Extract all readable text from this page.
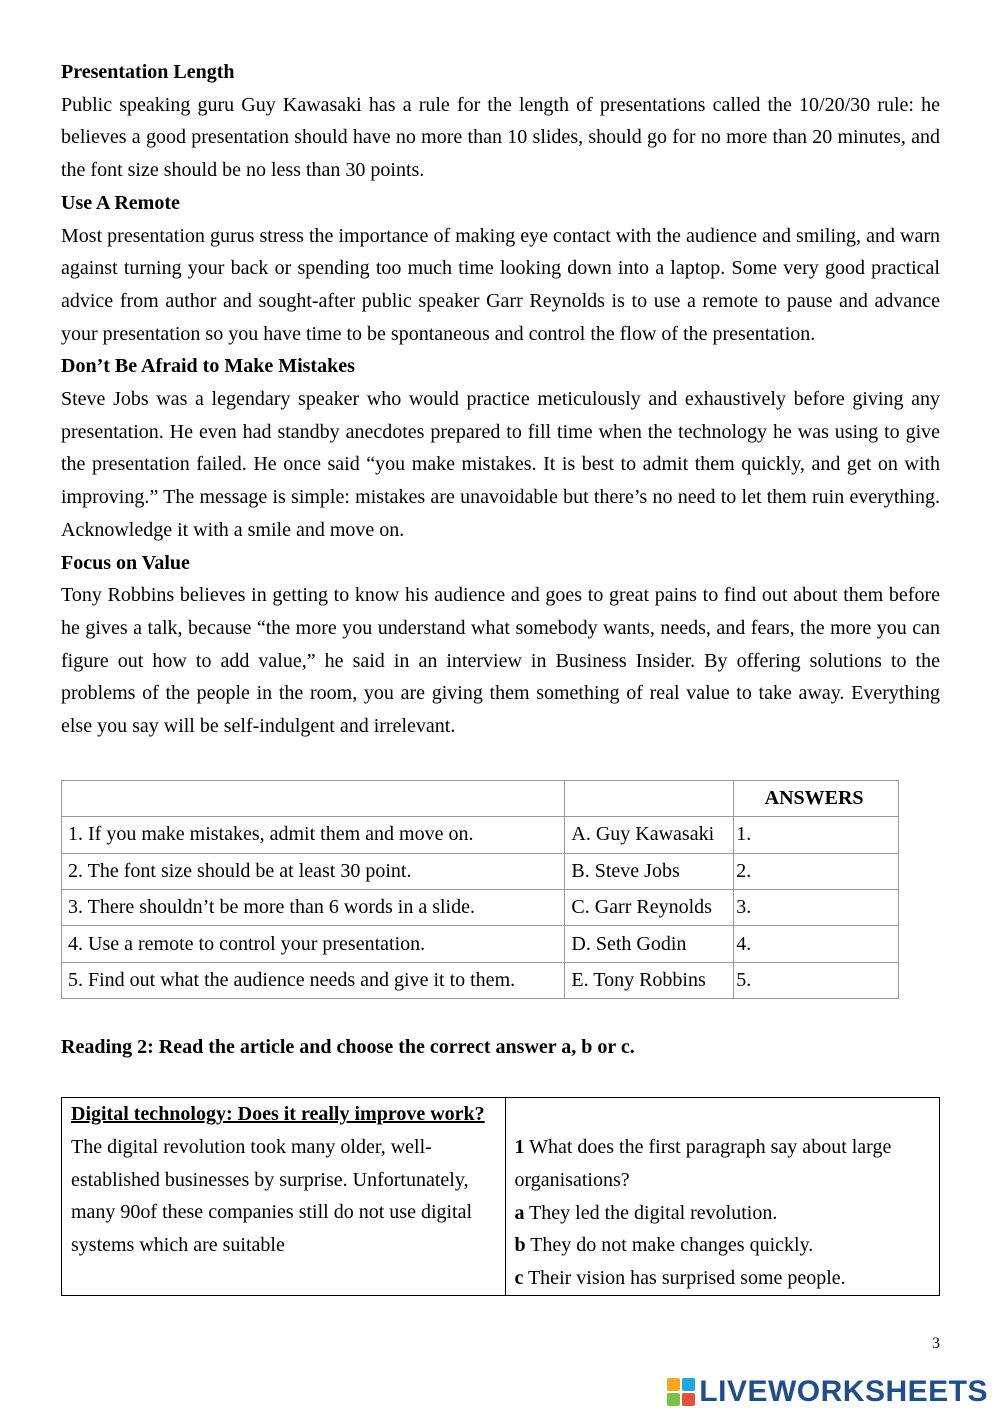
Presentation Length

Public speaking guru Guy Kawasaki has a rule for the length of presentations called the 10/20/30 rule: he believes a good presentation should have no more than 10 slides, should go for no more than 20 minutes, and the font size should be no less than 30 points.

Use A Remote

Most presentation gurus stress the importance of making eye contact with the audience and smiling, and warn against turning your back or spending too much time looking down into a laptop. Some very good practical advice from author and sought-after public speaker Garr Reynolds is to use a remote to pause and advance your presentation so you have time to be spontaneous and control the flow of the presentation.

Don’t Be Afraid to Make Mistakes

Steve Jobs was a legendary speaker who would practice meticulously and exhaustively before giving any presentation. He even had standby anecdotes prepared to fill time when the technology he was using to give the presentation failed. He once said “you make mistakes. It is best to admit them quickly, and get on with improving.” The message is simple: mistakes are unavoidable but there’s no need to let them ruin everything. Acknowledge it with a smile and move on.

Focus on Value

Tony Robbins believes in getting to know his audience and goes to great pains to find out about them before he gives a talk, because “the more you understand what somebody wants, needs, and fears, the more you can figure out how to add value,” he said in an interview in Business Insider. By offering solutions to the problems of the people in the room, you are giving them something of real value to take away. Everything else you say will be self-indulgent and irrelevant.

		ANSWERS
1. If you make mistakes, admit them and move on.	A. Guy Kawasaki	1.
2. The font size should be at least 30 point.	B. Steve Jobs	2.
3. There shouldn’t be more than 6 words in a slide.	C. Garr Reynolds	3.
4. Use a remote to control your presentation.	D. Seth Godin	4.
5. Find out what the audience needs and give it to them.	E. Tony Robbins	5.

Reading 2: Read the article and choose the correct answer a, b or c.

Digital technology: Does it really improve work?

The digital revolution took many older, well-established businesses by surprise. Unfortunately, many 90of these companies still do not use digital systems which are suitable

1 What does the first paragraph say about large organisations?

a They led the digital revolution.

b They do not make changes quickly.

c Their vision has surprised some people.

3
LIVEWORKSHEETS
